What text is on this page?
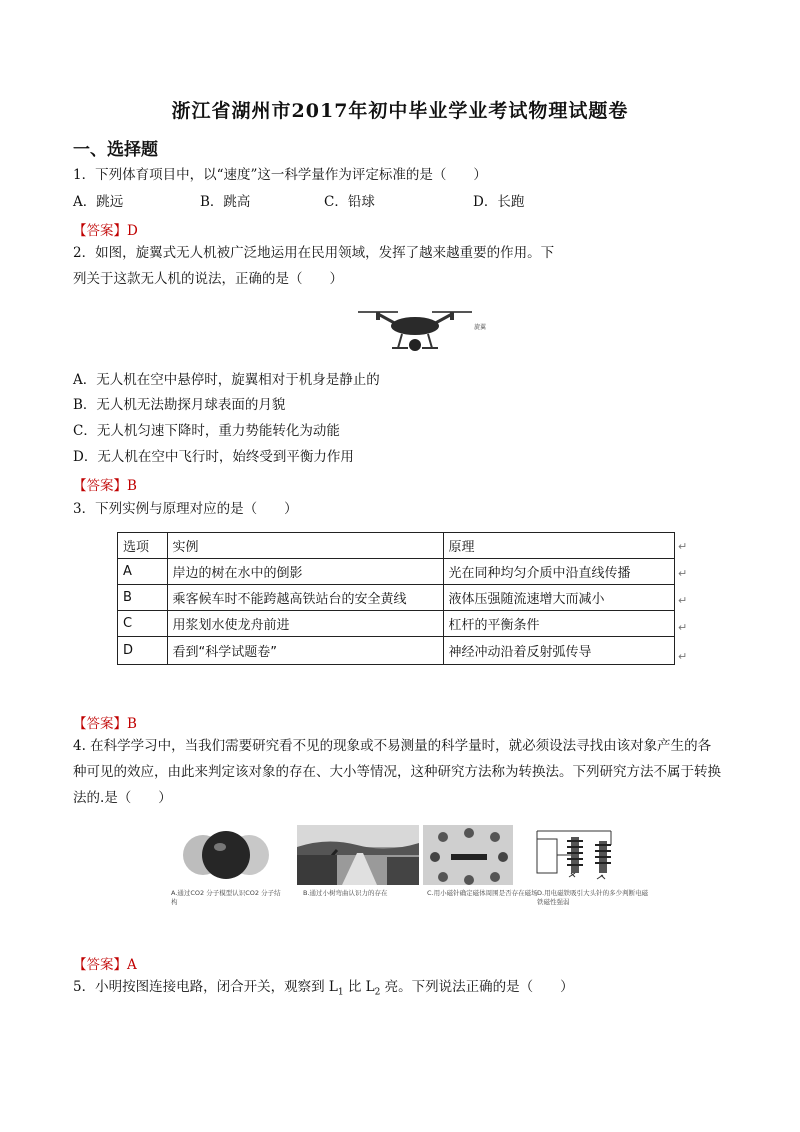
浙江省湖州市2017年初中毕业学业考试物理试题卷
一、选择题
1．下列体育项目中，以“速度”这一科学量作为评定标准的是（　　）
A．跳远	B．跳高	C．铅球	D．长跑
【答案】D
2．如图，旋翼式无人机被广泛地运用在民用领域，发挥了越来越重要的作用。下
列关于这款无人机的说法，正确的是（　　）
旋翼
A．无人机在空中悬停时，旋翼相对于机身是静止的
B．无人机无法勘探月球表面的月貌
C．无人机匀速下降时，重力势能转化为动能
D．无人机在空中飞行时，始终受到平衡力作用
【答案】B
3．下列实例与原理对应的是（　　）
选项	实例	原理
A	岸边的树在水中的倒影	光在同种均匀介质中沿直线传播
B	乘客候车时不能跨越高铁站台的安全黄线	液体压强随流速增大而减小
C	用浆划水使龙舟前进	杠杆的平衡条件
D	看到“科学试题卷”	神经冲动沿着反射弧传导
↵
↵
↵
↵
↵
【答案】B
4. 在科学学习中，当我们需要研究看不见的现象或不易测量的科学量时，就必须设法寻找由该对象产生的各
种可见的效应，由此来判定该对象的存在、大小等情况，这种研究方法称为转换法。下列研究方法不属于转换
法的.是（　　）
A.通过CO2 分子模型认识CO2 分子结构
B.通过小树弯曲认识力的存在	C.用小磁针确定磁体周围是否存在磁场 D.用电磁铁吸引大头针的多少判断电磁铁磁性强弱
【答案】A
5．小明按图连接电路，闭合开关，观察到 $L_1$ 比 $L_2$ 亮。下列说法正确的是（　　）
